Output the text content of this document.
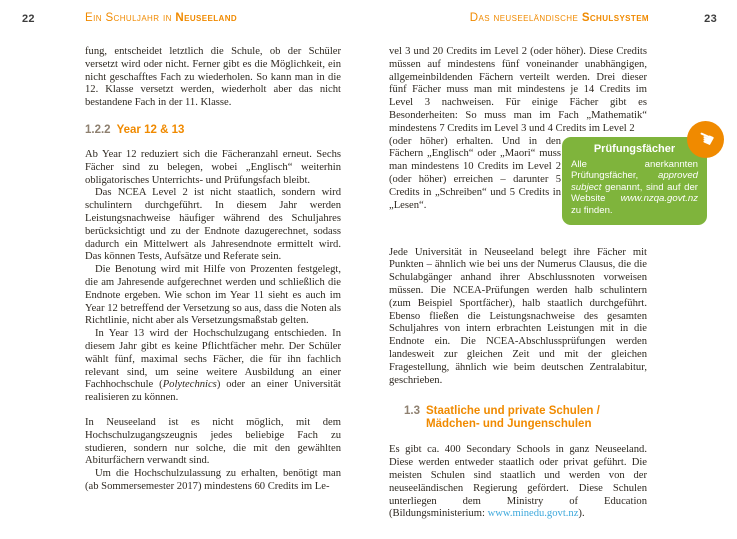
22	Ein Schuljahr in Neuseeland

fung, entscheidet letztlich die Schule, ob der Schüler versetzt wird oder nicht. Ferner gibt es die Möglichkeit, ein nicht geschafftes Fach zu wiederholen. So kann man in die 12. Klasse versetzt werden, wiederholt aber das nicht bestandene Fach in der 11. Klasse.

1.2.2 Year 12 & 13

Ab Year 12 reduziert sich die Fächeranzahl erneut. Sechs Fächer sind zu belegen, wobei „Englisch“ weiterhin obligatorisches Unterrichts- und Prüfungsfach bleibt.

Das NCEA Level 2 ist nicht staatlich, sondern wird schulintern durchgeführt. In diesem Jahr werden Leistungsnachweise häufiger während des Schuljahres berücksichtigt und zu der Endnote dazugerechnet, sodass dadurch ein Mittelwert als Jahresendnote ermittelt wird. Das können Tests, Aufsätze und Referate sein.

Die Benotung wird mit Hilfe von Prozenten festgelegt, die am Jahresende aufgerechnet werden und schließlich die Endnote ergeben. Wie schon im Year 11 sieht es auch im Year 12 betreffend der Versetzung so aus, dass die Noten als Richtlinie, nicht aber als Versetzungsmaßstab gelten.

In Year 13 wird der Hochschulzugang entschieden. In diesem Jahr gibt es keine Pflichtfächer mehr. Der Schüler wählt fünf, maximal sechs Fächer, die für ihn fachlich relevant sind, um seine weitere Ausbildung an einer Fachhochschule (Polytechnics) oder an einer Universität realisieren zu können.

In Neuseeland ist es nicht möglich, mit dem Hochschulzugangszeugnis jedes beliebige Fach zu studieren, sondern nur solche, die mit den gewählten Abiturfächern verwandt sind.

Um die Hochschulzulassung zu erhalten, benötigt man (ab Sommersemester 2017) mindestens 60 Credits im Le-

Das neuseeländische Schulsystem	23

vel 3 und 20 Credits im Level 2 (oder höher). Diese Credits müssen auf mindestens fünf voneinander unabhängigen, allgemeinbildenden Fächern verteilt werden. Drei dieser fünf Fächer muss man mit mindestens je 14 Credits im Level 3 nachweisen. Für einige Fächer gibt es Besonderheiten: So muss man im Fach „Mathematik“ mindestens 7 Credits im Level 3 und 4 Credits im Level 2

(oder höher) erhalten. Und in den Fächern „Englisch“ oder „Maori“ muss man mindestens 10 Credits im Level 2 (oder höher) erreichen – darunter 5 Credits in „Schreiben“ und 5 Credits in „Lesen“.

☚
Prüfungsfächer

Alle anerkannten Prüfungsfächer, approved subject genannt, sind auf der Website www.nzqa.govt.nz zu finden.

Jede Universität in Neuseeland belegt ihre Fächer mit Punkten – ähnlich wie bei uns der Numerus Clausus, die die Schulabgänger anhand ihrer Abschlussnoten vorweisen müssen. Die NCEA-Prüfungen werden halb schulintern (zum Beispiel Sportfächer), halb staatlich durchgeführt. Ebenso fließen die Leistungsnachweise des gesamten Schuljahres von intern erbrachten Leistungen mit in die Endnote ein. Die NCEA-Abschlussprüfungen werden landesweit zur gleichen Zeit und mit der gleichen Fragestellung, ähnlich wie beim deutschen Zentralabitur, geschrieben.

1.3 Staatliche und private Schulen /
Mädchen- und Jungenschulen

Es gibt ca. 400 Secondary Schools in ganz Neuseeland. Diese werden entweder staatlich oder privat geführt. Die meisten Schulen sind staatlich und werden von der neuseeländischen Regierung gefördert. Diese Schulen unterliegen dem Ministry of Education (Bildungsministerium: www.minedu.govt.nz).
